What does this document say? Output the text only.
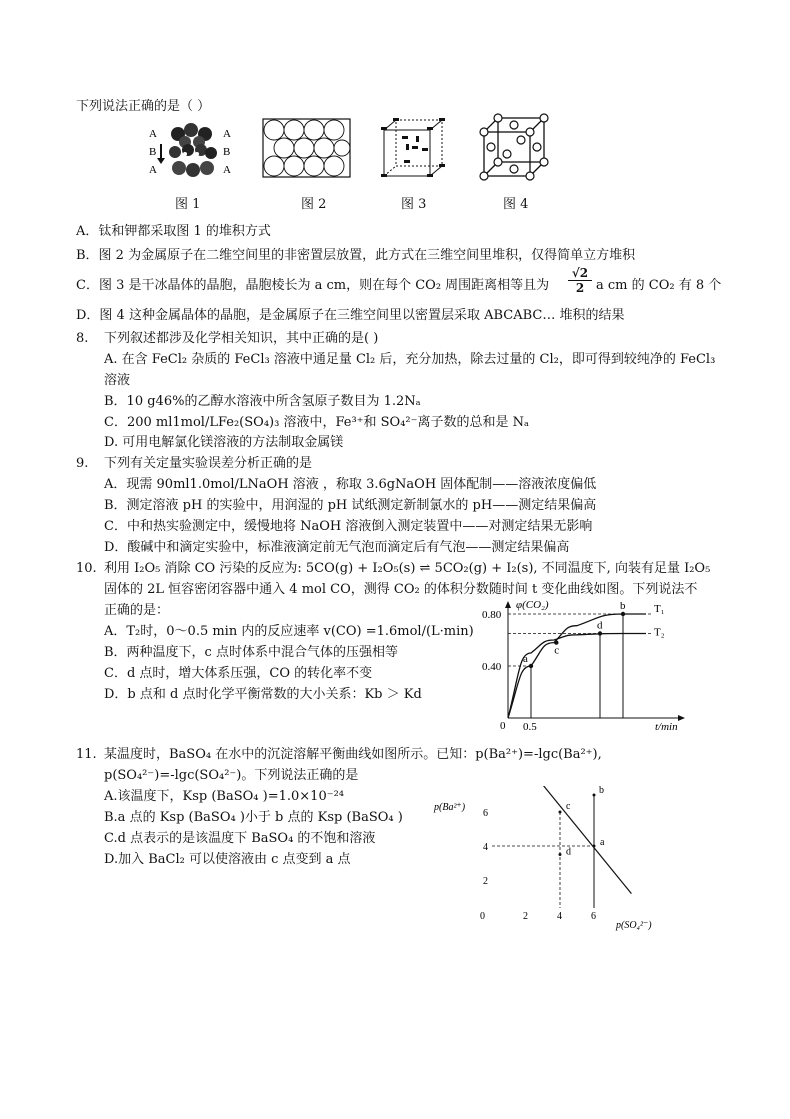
下列说法正确的是（ ）
A
B
A
A
B
A
图 1	图 2	图 3	图 4
A．钛和钾都采取图 1 的堆积方式
B．图 2 为金属原子在二维空间里的非密置层放置，此方式在三维空间里堆积，仅得简单立方堆积
C．图 3 是干冰晶体的晶胞，晶胞棱长为 a cm，则在每个 CO₂ 周围距离相等且为 $\frac{√2}{2}$ a cm 的 CO₂ 有 8 个
D．图 4 这种金属晶体的晶胞，是金属原子在三维空间里以密置层采取 ABCABC… 堆积的结果
8. 下列叙述都涉及化学相关知识，其中正确的是( )
A. 在含 FeCl₂ 杂质的 FeCl₃ 溶液中通足量 Cl₂ 后，充分加热，除去过量的 Cl₂，即可得到较纯净的 FeCl₃
溶液
B．10 g46%的乙醇水溶液中所含氢原子数目为 1.2Nₐ
C．200 ml1mol/LFe₂(SO₄)₃ 溶液中，Fe³⁺和 SO₄²⁻离子数的总和是 Nₐ
D. 可用电解氯化镁溶液的方法制取金属镁
9. 下列有关定量实验误差分析正确的是
A．现需 90ml1.0mol/LNaOH 溶液 ，称取 3.6gNaOH 固体配制——溶液浓度偏低
B．测定溶液 pH 的实验中，用润湿的 pH 试纸测定新制氯水的 pH——测定结果偏高
C．中和热实验测定中，缓慢地将 NaOH 溶液倒入测定装置中——对测定结果无影响
D．酸碱中和滴定实验中，标准液滴定前无气泡而滴定后有气泡——测定结果偏高
10. 利用 I₂O₅ 消除 CO 污染的反应为: 5CO(g) + I₂O₅(s) ⇌ 5CO₂(g) + I₂(s), 不同温度下, 向装有足量 I₂O₅
固体的 2L 恒容密闭容器中通入 4 mol CO，测得 CO₂ 的体积分数随时间 t 变化曲线如图。下列说法不
正确的是：
A．T₂时，0～0.5 min 内的反应速率 v(CO) =1.6mol/(L·min)
B．两种温度下，c 点时体系中混合气体的压强相等
C．d 点时，增大体系压强，CO 的转化率不变
D．b 点和 d 点时化学平衡常数的大小关系：Kb ＞ Kd
φ(CO₂)
t/min
0 0.5
0.40
0.80	T₁
T₂
a
b
c
d
11. 某温度时，BaSO₄ 在水中的沉淀溶解平衡曲线如图所示。已知：p(Ba²⁺)=-lgc(Ba²⁺),
p(SO₄²⁻)=-lgc(SO₄²⁻)。下列说法正确的是
A.该温度下，Ksp (BaSO₄ )=1.0×10⁻²⁴
B.a 点的 Ksp (BaSO₄ )小于 b 点的 Ksp (BaSO₄ )
C.d 点表示的是该温度下 BaSO₄ 的不饱和溶液
D.加入 BaCl₂ 可以使溶液由 c 点变到 a 点
p(Ba²⁺)
p(SO₄²⁻)
0	2	4	6
2
4
6
a
b
c
d
